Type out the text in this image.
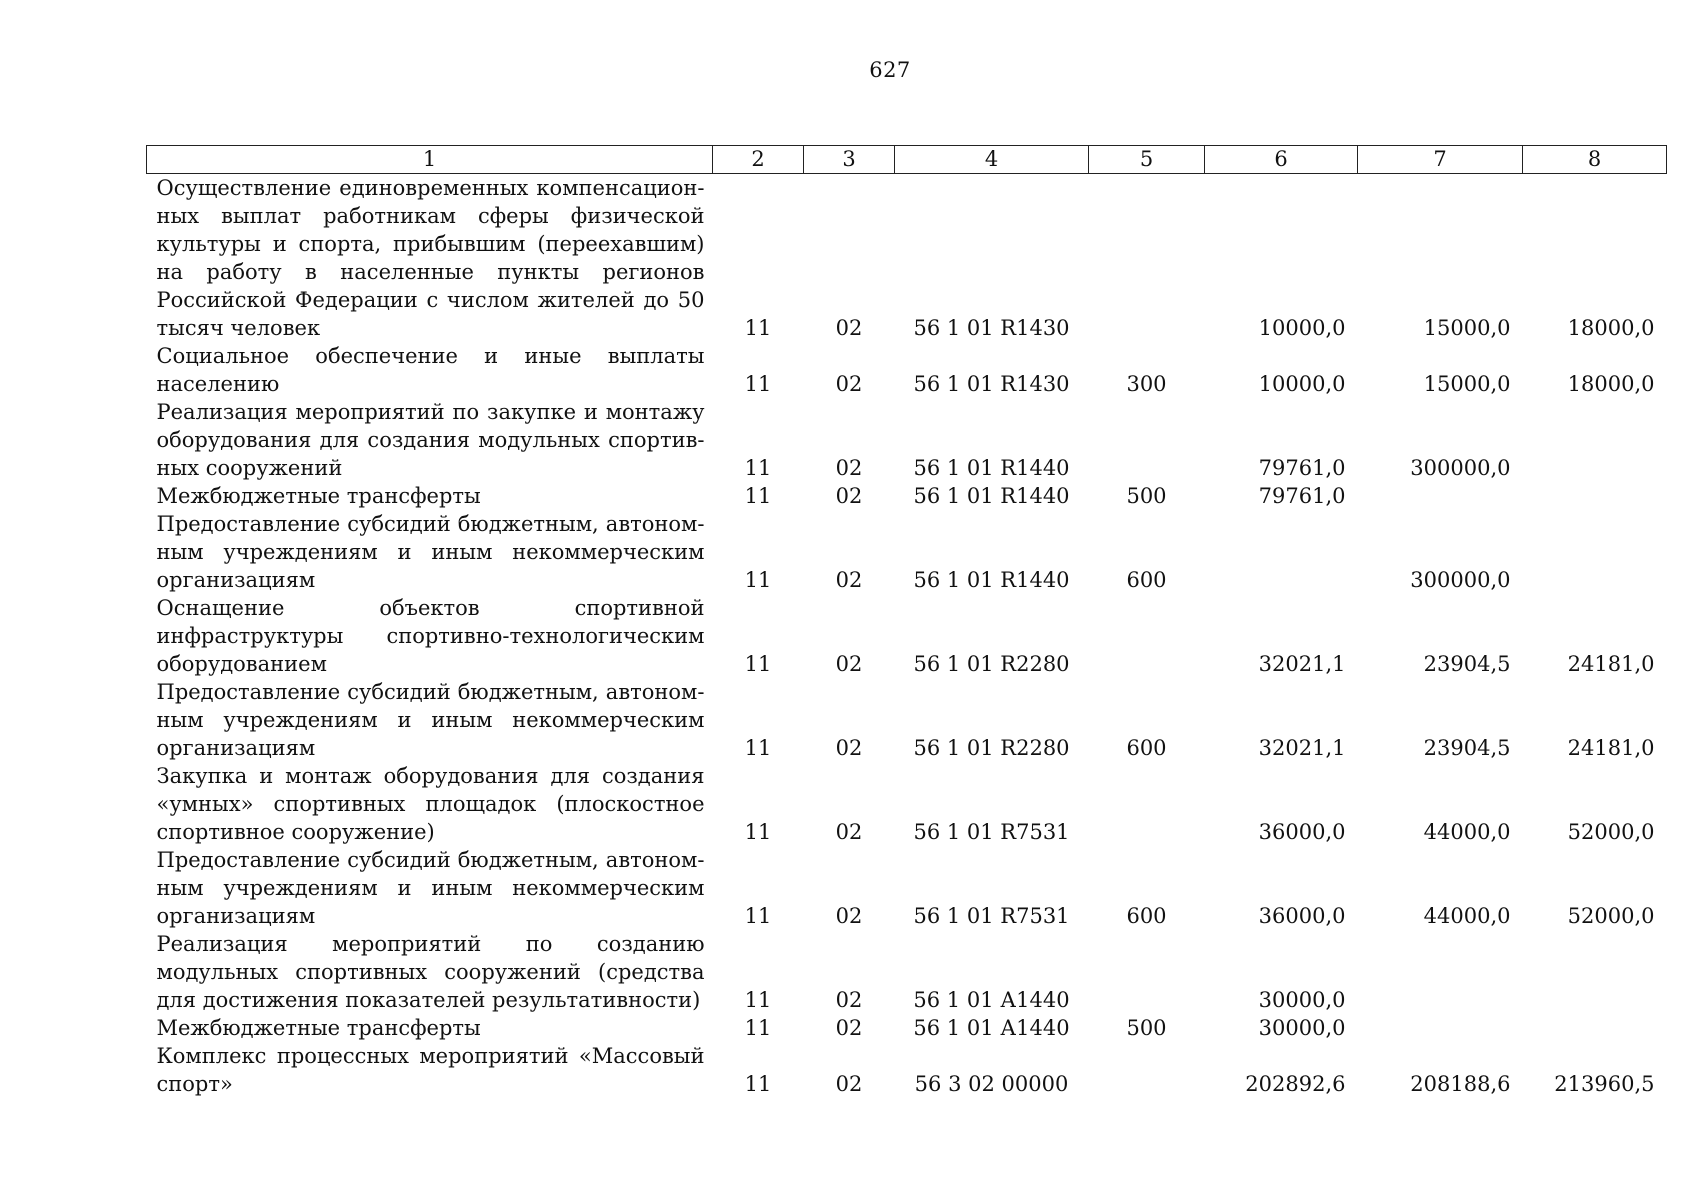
627
1	2	3	4	5	6	7	8
Осуществление единовременных компенсационных выплат работникам сферы физической культуры и спорта, прибывшим (переехавшим) на работу в населенные пункты регионов Российской Федерации с числом жителей до 50 тысяч человек	11	02	56 1 01 R1430		10000,0	15000,0	18000,0
Социальное обеспечение и иные выплаты населению	11	02	56 1 01 R1430	300	10000,0	15000,0	18000,0
Реализация мероприятий по закупке и монтажу оборудования для создания модульных спортивных сооружений	11	02	56 1 01 R1440		79761,0	300000,0	
Межбюджетные трансферты	11	02	56 1 01 R1440	500	79761,0		
Предоставление субсидий бюджетным, автономным учреждениям и иным некоммерческим организациям	11	02	56 1 01 R1440	600		300000,0	
Оснащение объектов спортивной инфраструктуры спортивно-технологическим оборудованием	11	02	56 1 01 R2280		32021,1	23904,5	24181,0
Предоставление субсидий бюджетным, автономным учреждениям и иным некоммерческим организациям	11	02	56 1 01 R2280	600	32021,1	23904,5	24181,0
Закупка и монтаж оборудования для создания «умных» спортивных площадок (плоскостное спортивное сооружение)	11	02	56 1 01 R7531		36000,0	44000,0	52000,0
Предоставление субсидий бюджетным, автономным учреждениям и иным некоммерческим организациям	11	02	56 1 01 R7531	600	36000,0	44000,0	52000,0
Реализация мероприятий по созданию модульных спортивных сооружений (средства для достижения показателей результативности)	11	02	56 1 01 А1440		30000,0		
Межбюджетные трансферты	11	02	56 1 01 А1440	500	30000,0		
Комплекс процессных мероприятий «Массовый спорт»	11	02	56 3 02 00000		202892,6	208188,6	213960,5
